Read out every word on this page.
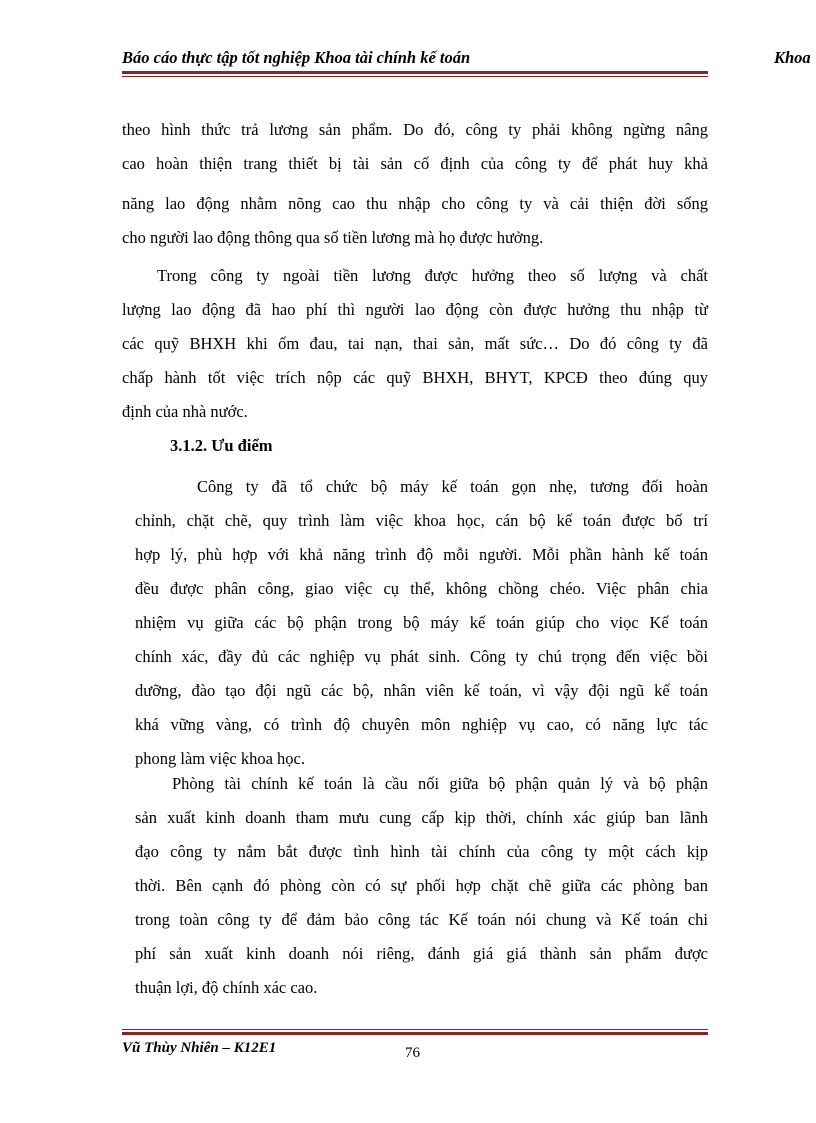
Báo cáo thực tập tốt nghiệp Khoa tài chính kế toán	Khoa
theo hình thức trả lương sản phẩm. Do đó, công ty phải không ngừng nâng
cao hoàn thiện trang thiết bị tài sản cố định của công ty để phát huy khả
năng lao động nhằm nõng cao thu nhập cho công ty và cải thiện đời sống
cho người lao động thông qua số tiền lương mà họ được hưởng.
Trong công ty ngoài tiền lương được hưởng theo số lượng và chất
lượng lao động đã hao phí thì người lao động còn được hưởng thu nhập từ
các quỹ BHXH khi ốm đau, tai nạn, thai sản, mất sức… Do đó công ty đã
chấp hành tốt việc trích nộp các quỹ BHXH, BHYT, KPCĐ theo đúng quy
định của nhà nước.
3.1.2. Ưu điểm
Công ty đã tổ chức bộ máy kế toán gọn nhẹ, tương đối hoàn
chỉnh, chặt chẽ, quy trình làm việc khoa học, cán bộ kế toán được bố trí
hợp lý, phù hợp với khả năng trình độ mỗi người. Mỗi phần hành kế toán
đều được phân công, giao việc cụ thể, không chồng chéo. Việc phân chia
nhiệm vụ giữa các bộ phận trong bộ máy kế toán giúp cho viọc Kế toán
chính xác, đầy đủ các nghiệp vụ phát sinh. Công ty chú trọng đến việc bồi
dưỡng, đào tạo đội ngũ các bộ, nhân viên kế toán, vì vậy đội ngũ kế toán
khá vững vàng, có trình độ chuyên môn nghiệp vụ cao, có năng lực tác
phong làm việc khoa học.
Phòng tài chính kế toán là cầu nối giữa bộ phận quản lý và bộ phận
sản xuất kinh doanh tham mưu cung cấp kịp thời, chính xác giúp ban lãnh
đạo công ty nắm bắt được tình hình tài chính của công ty một cách kịp
thời. Bên cạnh đó phòng còn có sự phối hợp chặt chẽ giữa các phòng ban
trong toàn công ty để đảm bảo công tác Kế toán nói chung và Kế toán chi
phí sản xuất kinh doanh nói riêng, đánh giá giá thành sản phẩm được
thuận lợi, độ chính xác cao.
Vũ Thùy Nhiên – K12E1	76
